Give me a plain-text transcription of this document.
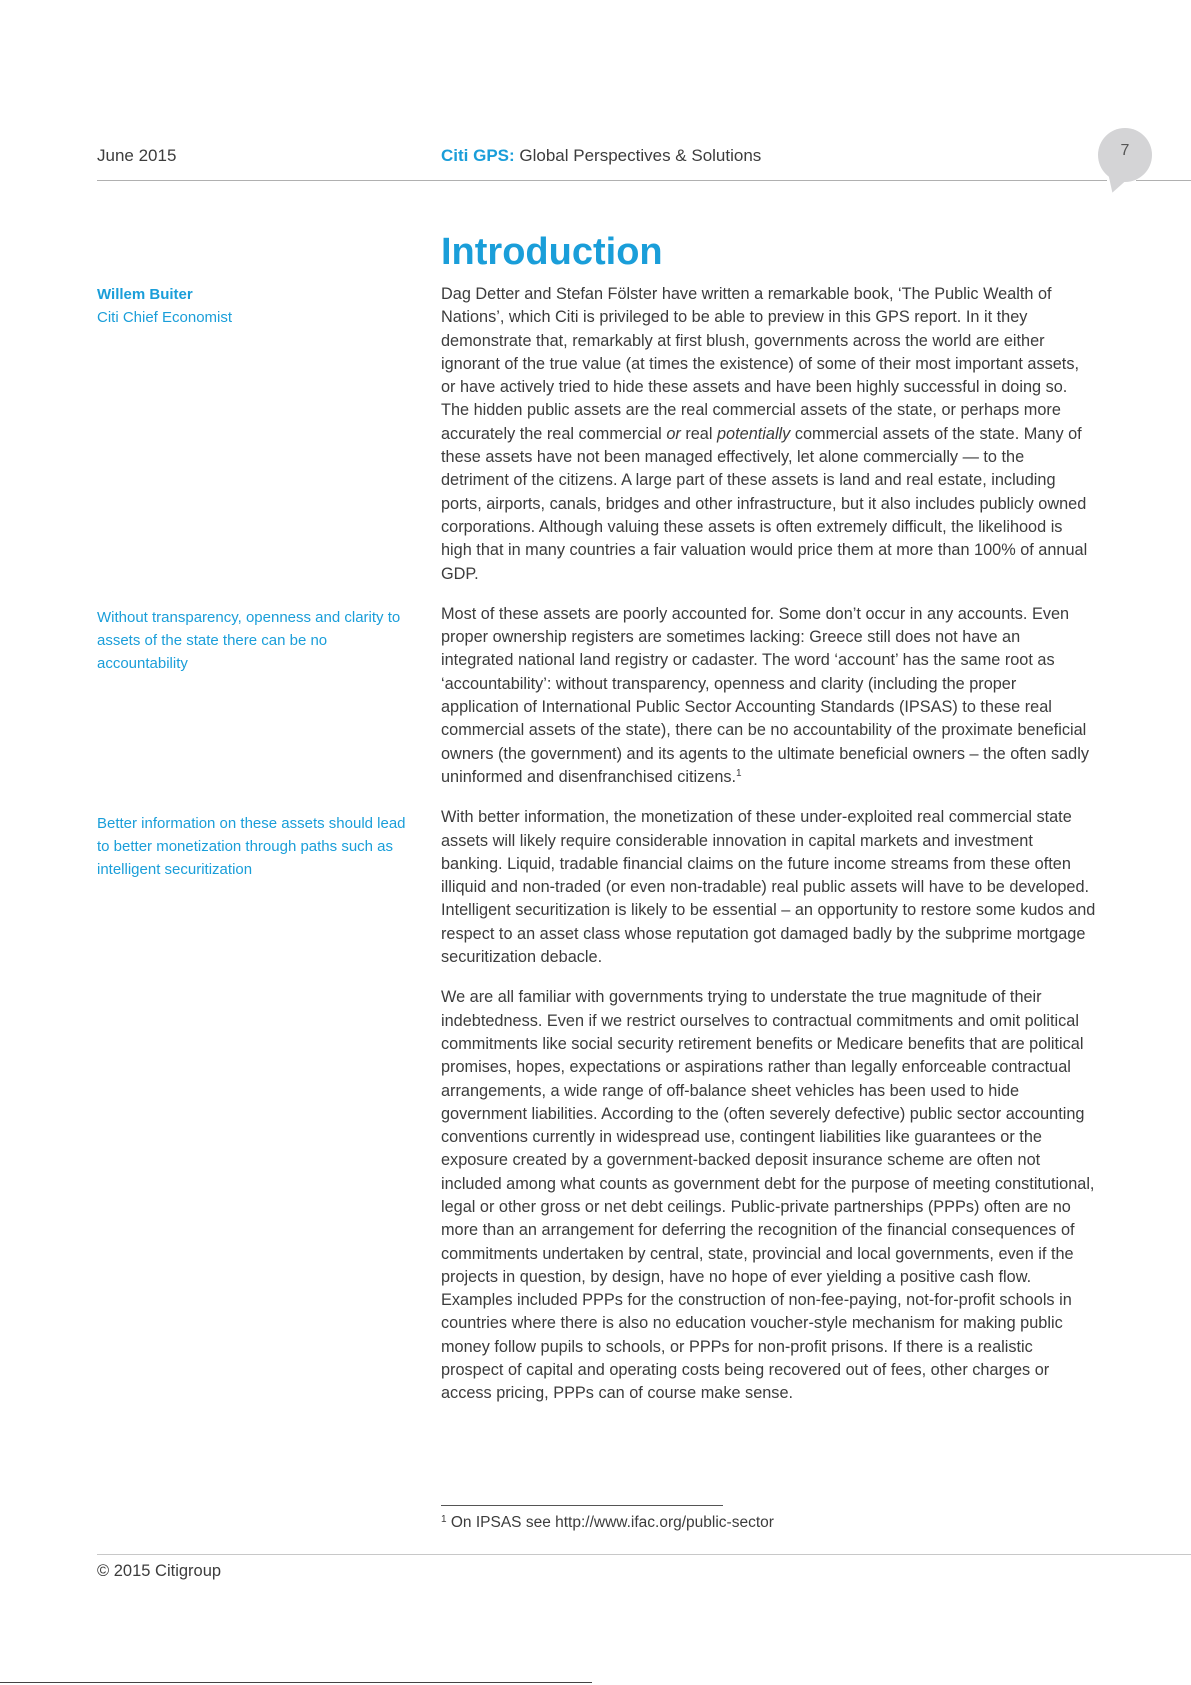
June 2015	Citi GPS: Global Perspectives & Solutions	7
Introduction
Willem Buiter
Citi Chief Economist

Without transparency, openness and clarity to assets of the state there can be no accountability

Better information on these assets should lead to better monetization through paths such as intelligent securitization

Dag Detter and Stefan Fölster have written a remarkable book, ‘The Public Wealth of Nations’, which Citi is privileged to be able to preview in this GPS report. In it they demonstrate that, remarkably at first blush, governments across the world are either ignorant of the true value (at times the existence) of some of their most important assets, or have actively tried to hide these assets and have been highly successful in doing so. The hidden public assets are the real commercial assets of the state, or perhaps more accurately the real commercial or real potentially commercial assets of the state. Many of these assets have not been managed effectively, let alone commercially — to the detriment of the citizens. A large part of these assets is land and real estate, including ports, airports, canals, bridges and other infrastructure, but it also includes publicly owned corporations. Although valuing these assets is often extremely difficult, the likelihood is high that in many countries a fair valuation would price them at more than 100% of annual GDP.

Most of these assets are poorly accounted for. Some don’t occur in any accounts. Even proper ownership registers are sometimes lacking: Greece still does not have an integrated national land registry or cadaster. The word ‘account’ has the same root as ‘accountability’: without transparency, openness and clarity (including the proper application of International Public Sector Accounting Standards (IPSAS) to these real commercial assets of the state), there can be no accountability of the proximate beneficial owners (the government) and its agents to the ultimate beneficial owners – the often sadly uninformed and disenfranchised citizens.$^1$

With better information, the monetization of these under-exploited real commercial state assets will likely require considerable innovation in capital markets and investment banking. Liquid, tradable financial claims on the future income streams from these often illiquid and non-traded (or even non-tradable) real public assets will have to be developed. Intelligent securitization is likely to be essential – an opportunity to restore some kudos and respect to an asset class whose reputation got damaged badly by the subprime mortgage securitization debacle.

We are all familiar with governments trying to understate the true magnitude of their indebtedness. Even if we restrict ourselves to contractual commitments and omit political commitments like social security retirement benefits or Medicare benefits that are political promises, hopes, expectations or aspirations rather than legally enforceable contractual arrangements, a wide range of off-balance sheet vehicles has been used to hide government liabilities. According to the (often severely defective) public sector accounting conventions currently in widespread use, contingent liabilities like guarantees or the exposure created by a government-backed deposit insurance scheme are often not included among what counts as government debt for the purpose of meeting constitutional, legal or other gross or net debt ceilings. Public-private partnerships (PPPs) often are no more than an arrangement for deferring the recognition of the financial consequences of commitments undertaken by central, state, provincial and local governments, even if the projects in question, by design, have no hope of ever yielding a positive cash flow. Examples included PPPs for the construction of non-fee-paying, not-for-profit schools in countries where there is also no education voucher-style mechanism for making public money follow pupils to schools, or PPPs for non-profit prisons. If there is a realistic prospect of capital and operating costs being recovered out of fees, other charges or access pricing, PPPs can of course make sense.

$^1$ On IPSAS see http://www.ifac.org/public-sector

© 2015 Citigroup
